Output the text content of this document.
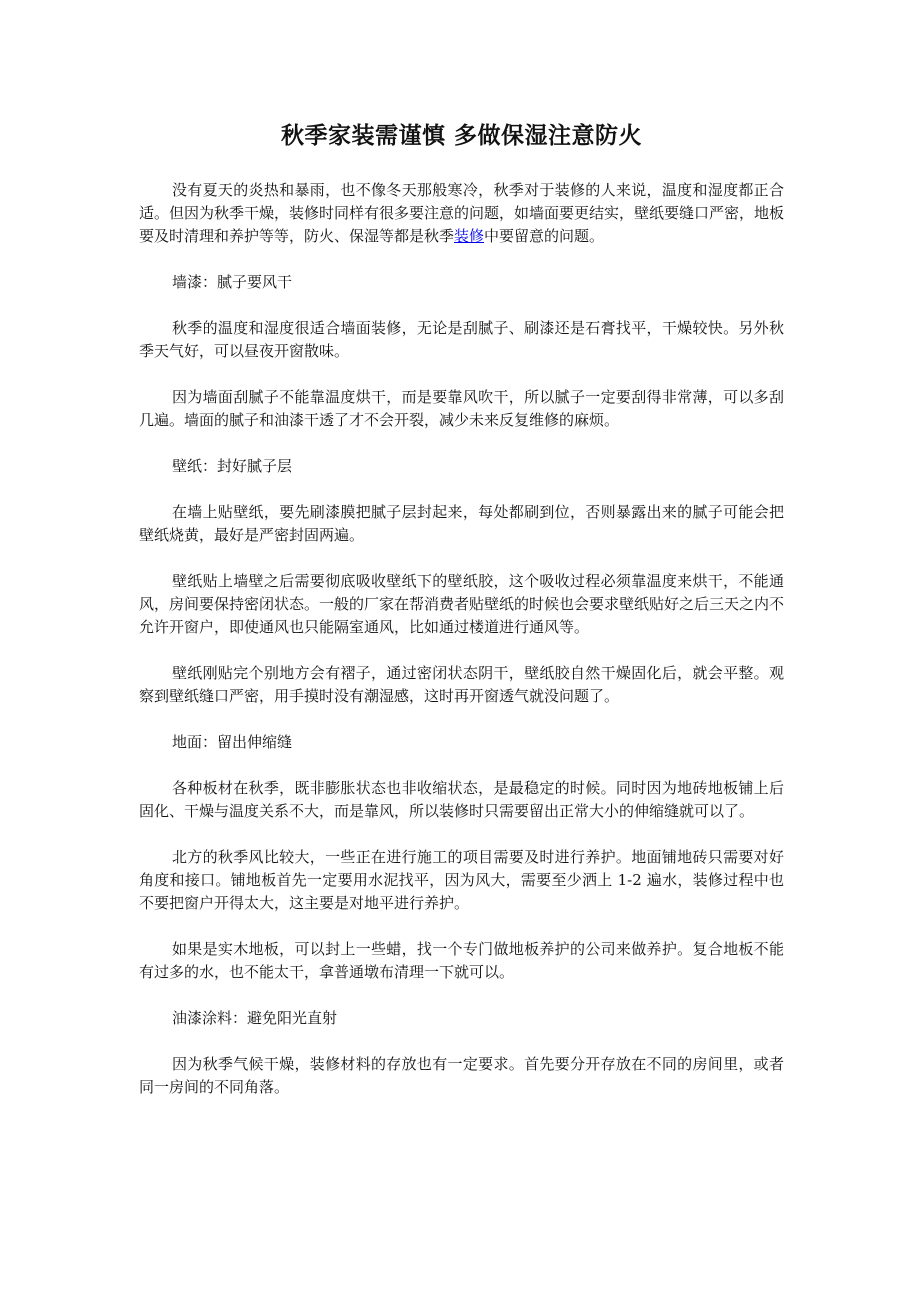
秋季家装需谨慎 多做保湿注意防火

没有夏天的炎热和暴雨，也不像冬天那般寒冷，秋季对于装修的人来说，温度和湿度都正合适。但因为秋季干燥，装修时同样有很多要注意的问题，如墙面要更结实，壁纸要缝口严密，地板要及时清理和养护等等，防火、保湿等都是秋季装修中要留意的问题。

墙漆：腻子要风干

秋季的温度和湿度很适合墙面装修，无论是刮腻子、刷漆还是石膏找平，干燥较快。另外秋季天气好，可以昼夜开窗散味。

因为墙面刮腻子不能靠温度烘干，而是要靠风吹干，所以腻子一定要刮得非常薄，可以多刮几遍。墙面的腻子和油漆干透了才不会开裂，减少未来反复维修的麻烦。

壁纸：封好腻子层

在墙上贴壁纸，要先刷漆膜把腻子层封起来，每处都刷到位，否则暴露出来的腻子可能会把壁纸烧黄，最好是严密封固两遍。

壁纸贴上墙壁之后需要彻底吸收壁纸下的壁纸胶，这个吸收过程必须靠温度来烘干，不能通风，房间要保持密闭状态。一般的厂家在帮消费者贴壁纸的时候也会要求壁纸贴好之后三天之内不允许开窗户，即使通风也只能隔室通风，比如通过楼道进行通风等。

壁纸刚贴完个别地方会有褶子，通过密闭状态阴干，壁纸胶自然干燥固化后，就会平整。观察到壁纸缝口严密，用手摸时没有潮湿感，这时再开窗透气就没问题了。

地面：留出伸缩缝

各种板材在秋季，既非膨胀状态也非收缩状态，是最稳定的时候。同时因为地砖地板铺上后固化、干燥与温度关系不大，而是靠风，所以装修时只需要留出正常大小的伸缩缝就可以了。

北方的秋季风比较大，一些正在进行施工的项目需要及时进行养护。地面铺地砖只需要对好角度和接口。铺地板首先一定要用水泥找平，因为风大，需要至少洒上 1-2 遍水，装修过程中也不要把窗户开得太大，这主要是对地平进行养护。

如果是实木地板，可以封上一些蜡，找一个专门做地板养护的公司来做养护。复合地板不能有过多的水，也不能太干，拿普通墩布清理一下就可以。

油漆涂料：避免阳光直射

因为秋季气候干燥，装修材料的存放也有一定要求。首先要分开存放在不同的房间里，或者同一房间的不同角落。
